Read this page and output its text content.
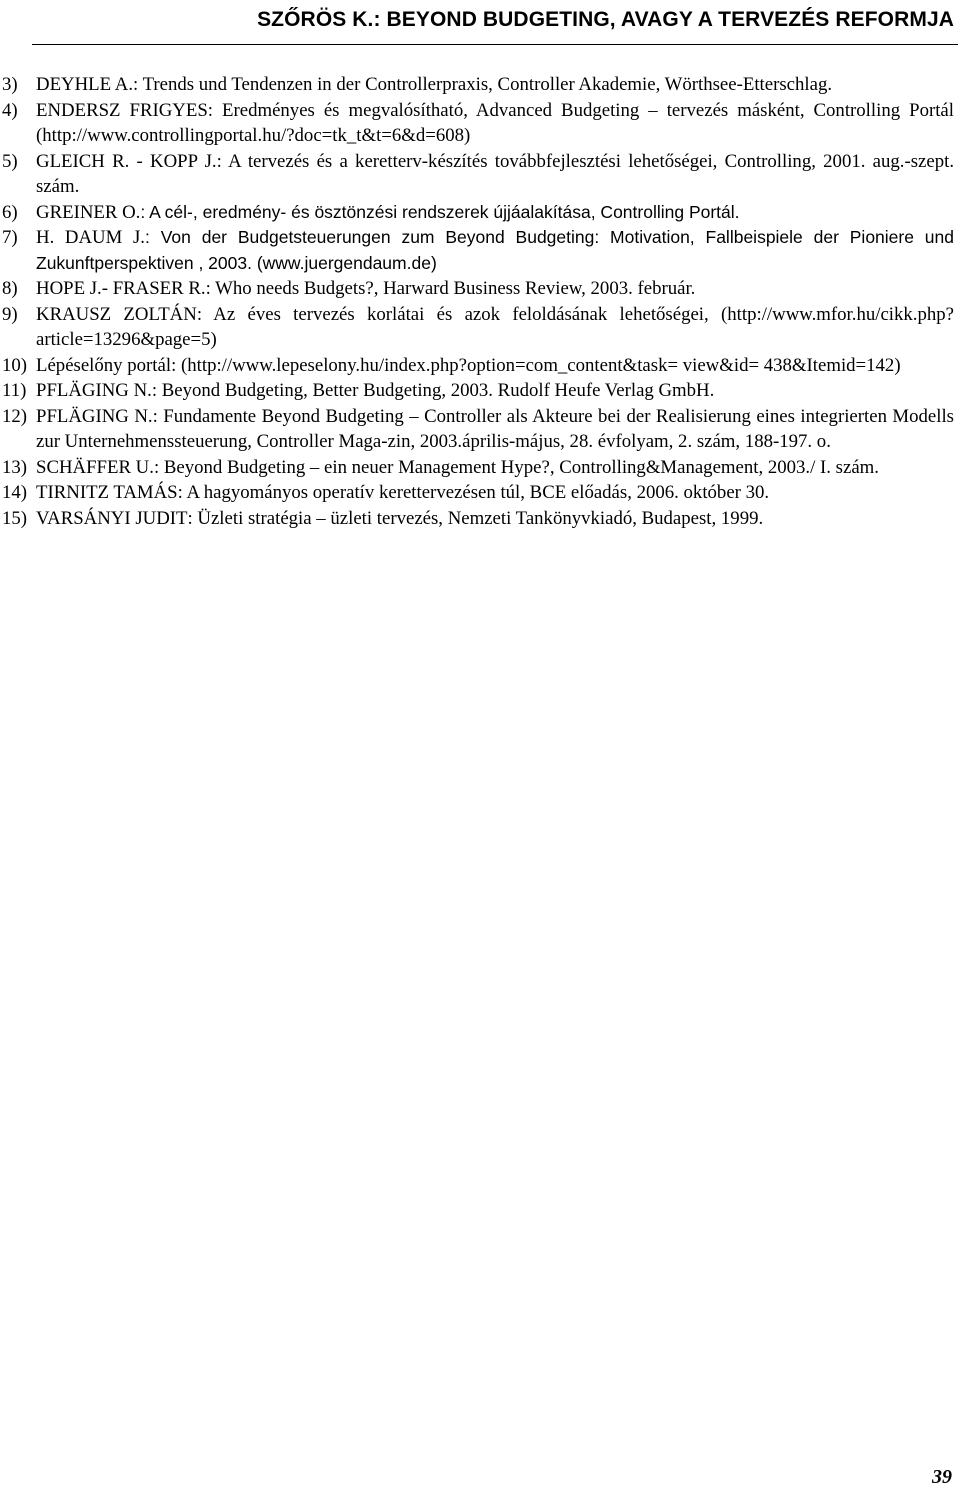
SZŐRÖS K.: BEYOND BUDGETING, AVAGY A TERVEZÉS REFORMJA
3) DEYHLE A.: Trends und Tendenzen in der Controllerpraxis, Controller Akademie, Wörthsee-Etterschlag.
4) ENDERSZ FRIGYES: Eredményes és megvalósítható, Advanced Budgeting – tervezés másként, Controlling Portál (http://www.controllingportal.hu/?doc=tk_t&t=6&d=608)
5) GLEICH R. - KOPP J.: A tervezés és a keretterv-készítés továbbfejlesztési lehetőségei, Controlling, 2001. aug.-szept. szám.
6) GREINER O.: A cél-, eredmény- és ösztönzési rendszerek újjáalakítása, Controlling Portál.
7) H. DAUM J.: Von der Budgetsteuerungen zum Beyond Budgeting: Motivation, Fallbeispiele der Pioniere und Zukunftperspektiven , 2003. (www.juergendaum.de)
8) HOPE J.- FRASER R.: Who needs Budgets?, Harward Business Review, 2003. február.
9) KRAUSZ ZOLTÁN: Az éves tervezés korlátai és azok feloldásának lehetőségei, (http://www.mfor.hu/cikk.php?article=13296&page=5)
10) Lépéselőny portál: (http://www.lepeselony.hu/index.php?option=com_content&task= view&id= 438&Itemid=142)
11) PFLÄGING N.: Beyond Budgeting, Better Budgeting, 2003. Rudolf Heufe Verlag GmbH.
12) PFLÄGING N.: Fundamente Beyond Budgeting – Controller als Akteure bei der Realisierung eines integrierten Modells zur Unternehmenssteuerung, Controller Maga-zin, 2003.április-május, 28. évfolyam, 2. szám, 188-197. o.
13) SCHÄFFER U.: Beyond Budgeting – ein neuer Management Hype?, Controlling&Management, 2003./ I. szám.
14) TIRNITZ TAMÁS: A hagyományos operatív kerettervezésen túl, BCE előadás, 2006. október 30.
15) VARSÁNYI JUDIT: Üzleti stratégia – üzleti tervezés, Nemzeti Tankönyvkiadó, Budapest, 1999.
39
